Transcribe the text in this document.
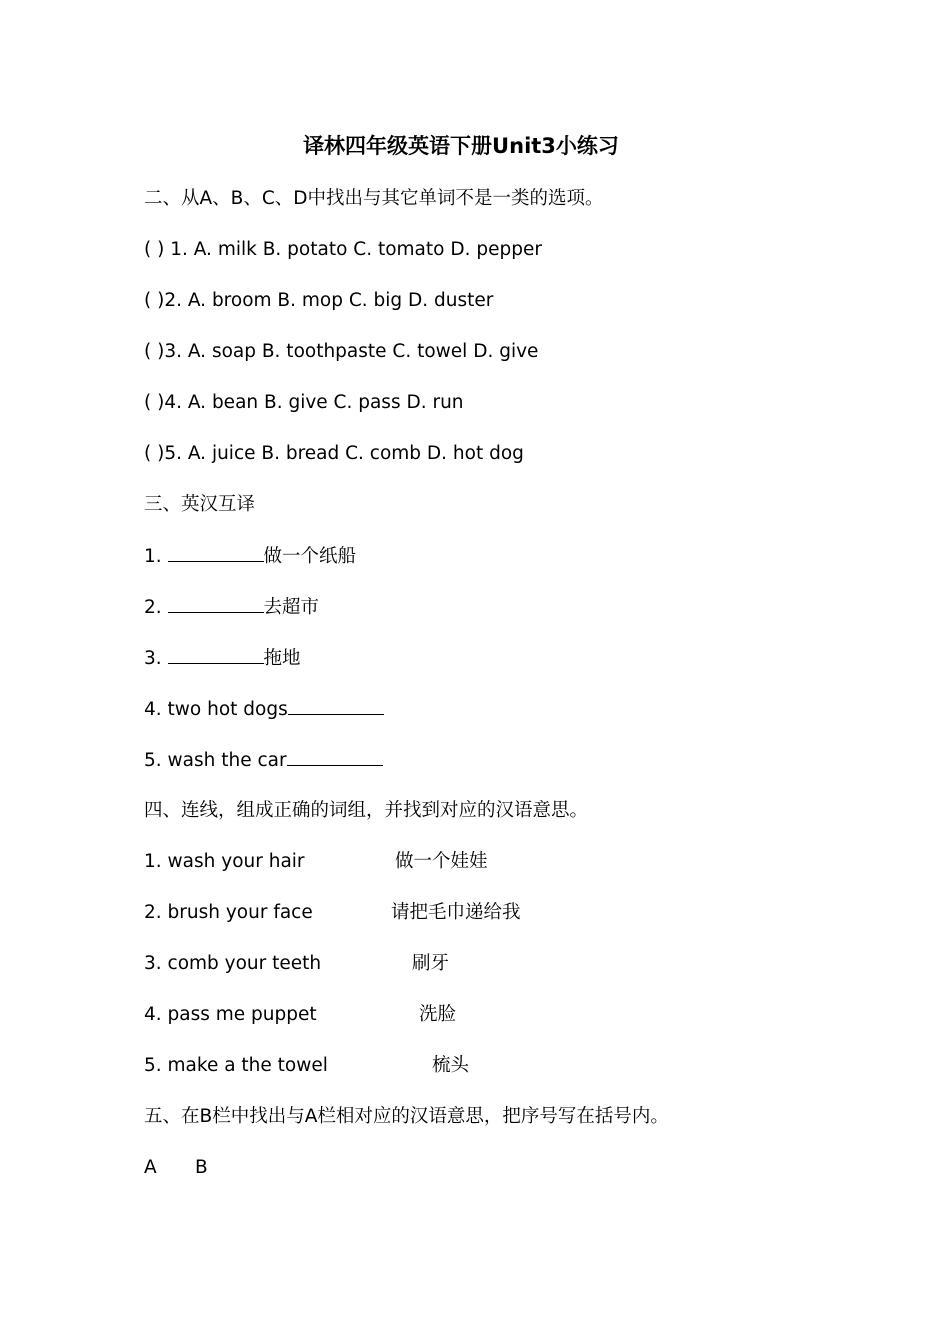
译林四年级英语下册Unit3小练习
二、从A、B、C、D中找出与其它单词不是一类的选项。
( ) 1. A. milk B. potato C. tomato D. pepper
( )2. A. broom B. mop C. big D. duster
( )3. A. soap B. toothpaste C. towel D. give
( )4. A. bean B. give C. pass D. run
( )5. A. juice B. bread C. comb D. hot dog
三、英汉互译
1.	做一个纸船
2.	去超市
3.	拖地
4. two hot dogs
5. wash the car
四、连线，组成正确的词组，并找到对应的汉语意思。
1. wash your hair	做一个娃娃
2. brush your face	请把毛巾递给我
3. comb your teeth	刷牙
4. pass me puppet	洗脸
5. make a the towel	梳头
五、在B栏中找出与A栏相对应的汉语意思，把序号写在括号内。
A B
